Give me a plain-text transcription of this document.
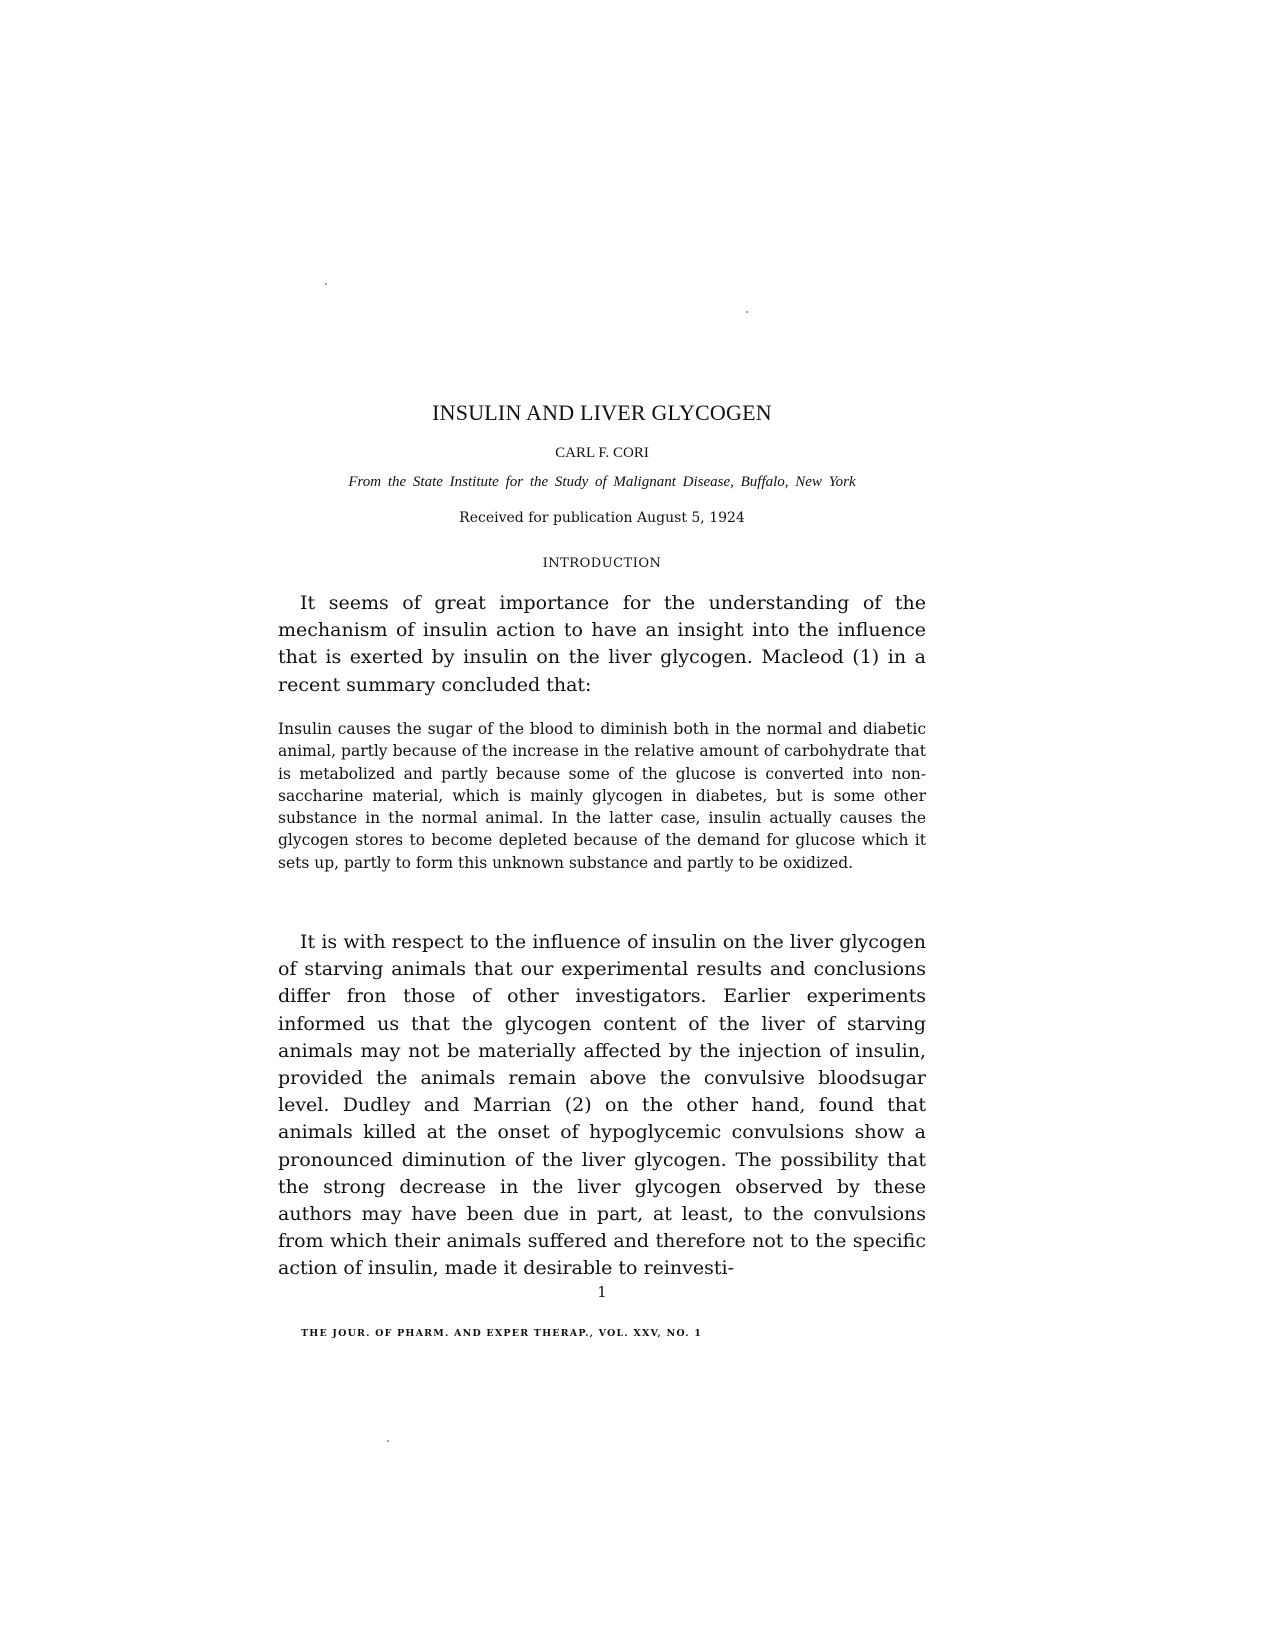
INSULIN AND LIVER GLYCOGEN
CARL F. CORI
From the State Institute for the Study of Malignant Disease, Buffalo, New York
Received for publication August 5, 1924
INTRODUCTION

It seems of great importance for the understanding of the mechanism of insulin action to have an insight into the influence that is exerted by insulin on the liver glycogen. Macleod (1) in a recent summary concluded that:

Insulin causes the sugar of the blood to diminish both in the normal and diabetic animal, partly because of the increase in the relative amount of carbohydrate that is metabolized and partly because some of the glucose is converted into non-saccharine material, which is mainly glycogen in diabetes, but is some other substance in the normal animal. In the latter case, insulin actually causes the glycogen stores to become depleted because of the demand for glucose which it sets up, partly to form this unknown substance and partly to be oxidized.

It is with respect to the influence of insulin on the liver glycogen of starving animals that our experimental results and conclusions differ fron those of other investigators. Earlier experiments informed us that the glycogen content of the liver of starving animals may not be materially affected by the injection of insulin, provided the animals remain above the convulsive bloodsugar level. Dudley and Marrian (2) on the other hand, found that animals killed at the onset of hypoglycemic convulsions show a pronounced diminution of the liver glycogen. The possibility that the strong decrease in the liver glycogen observed by these authors may have been due in part, at least, to the convulsions from which their animals suffered and therefore not to the specific action of insulin, made it desirable to reinvesti-

1
THE JOUR. OF PHARM. AND EXPER THERAP., VOL. XXV, NO. 1
